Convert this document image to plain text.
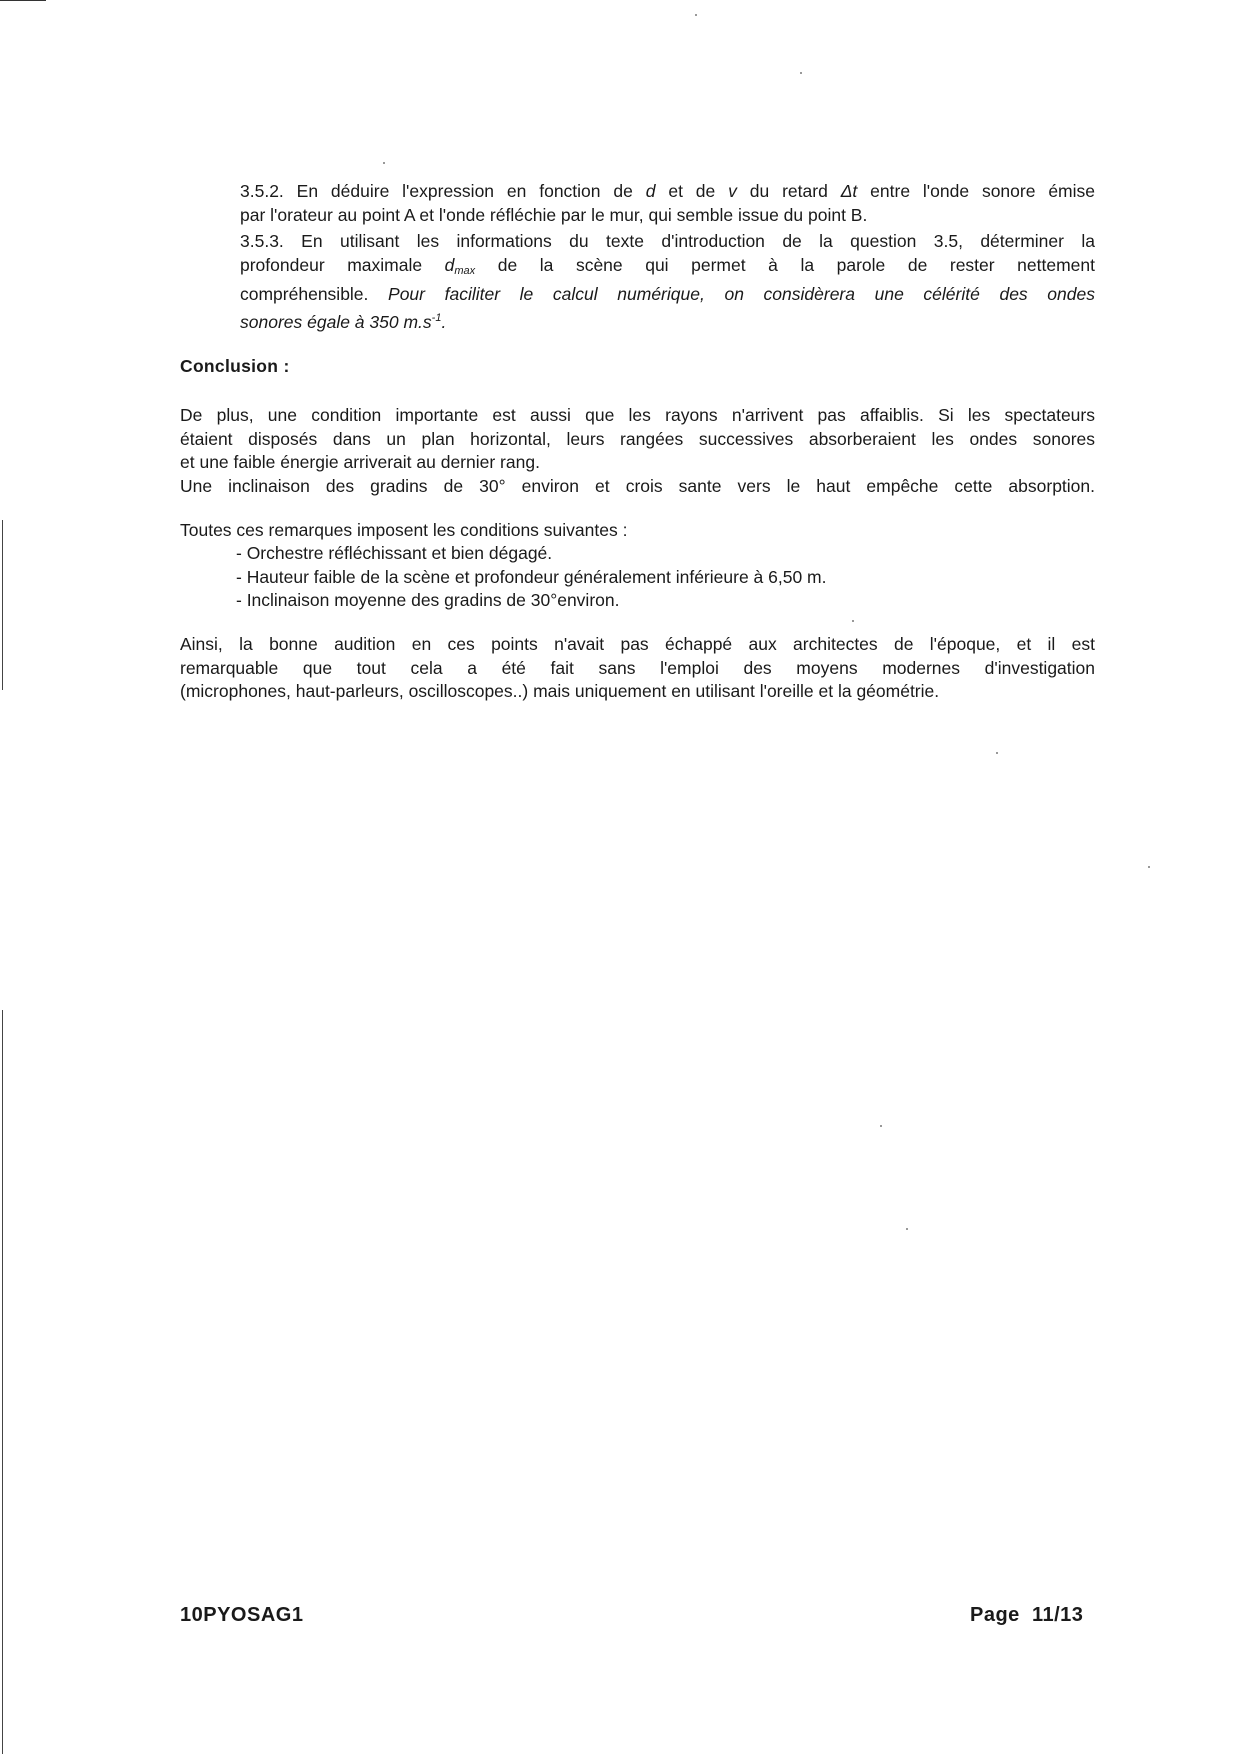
3.5.2. En déduire l'expression en fonction de d et de v du retard Δt entre l'onde sonore émise
par l'orateur au point A et l'onde réfléchie par le mur, qui semble issue du point B.
3.5.3. En utilisant les informations du texte d'introduction de la question 3.5, déterminer la
profondeur maximale $d_{max}$ de la scène qui permet à la parole de rester nettement
compréhensible. Pour faciliter le calcul numérique, on considèrera une célérité des ondes
sonores égale à 350 $m.s^{-1}$.
Conclusion :
De plus, une condition importante est aussi que les rayons n'arrivent pas affaiblis. Si les spectateurs
étaient disposés dans un plan horizontal, leurs rangées successives absorberaient les ondes sonores
et une faible énergie arriverait au dernier rang.
Une inclinaison des gradins de 30° environ et crois sante vers le haut empêche cette absorption.
Toutes ces remarques imposent les conditions suivantes :
- Orchestre réfléchissant et bien dégagé.
- Hauteur faible de la scène et profondeur généralement inférieure à 6,50 m.
- Inclinaison moyenne des gradins de 30°environ.
Ainsi, la bonne audition en ces points n'avait pas échappé aux architectes de l'époque, et il est
remarquable que tout cela a été fait sans l'emploi des moyens modernes d'investigation
(microphones, haut-parleurs, oscilloscopes..) mais uniquement en utilisant l'oreille et la géométrie.
10PYOSAG1	Page 11/13
